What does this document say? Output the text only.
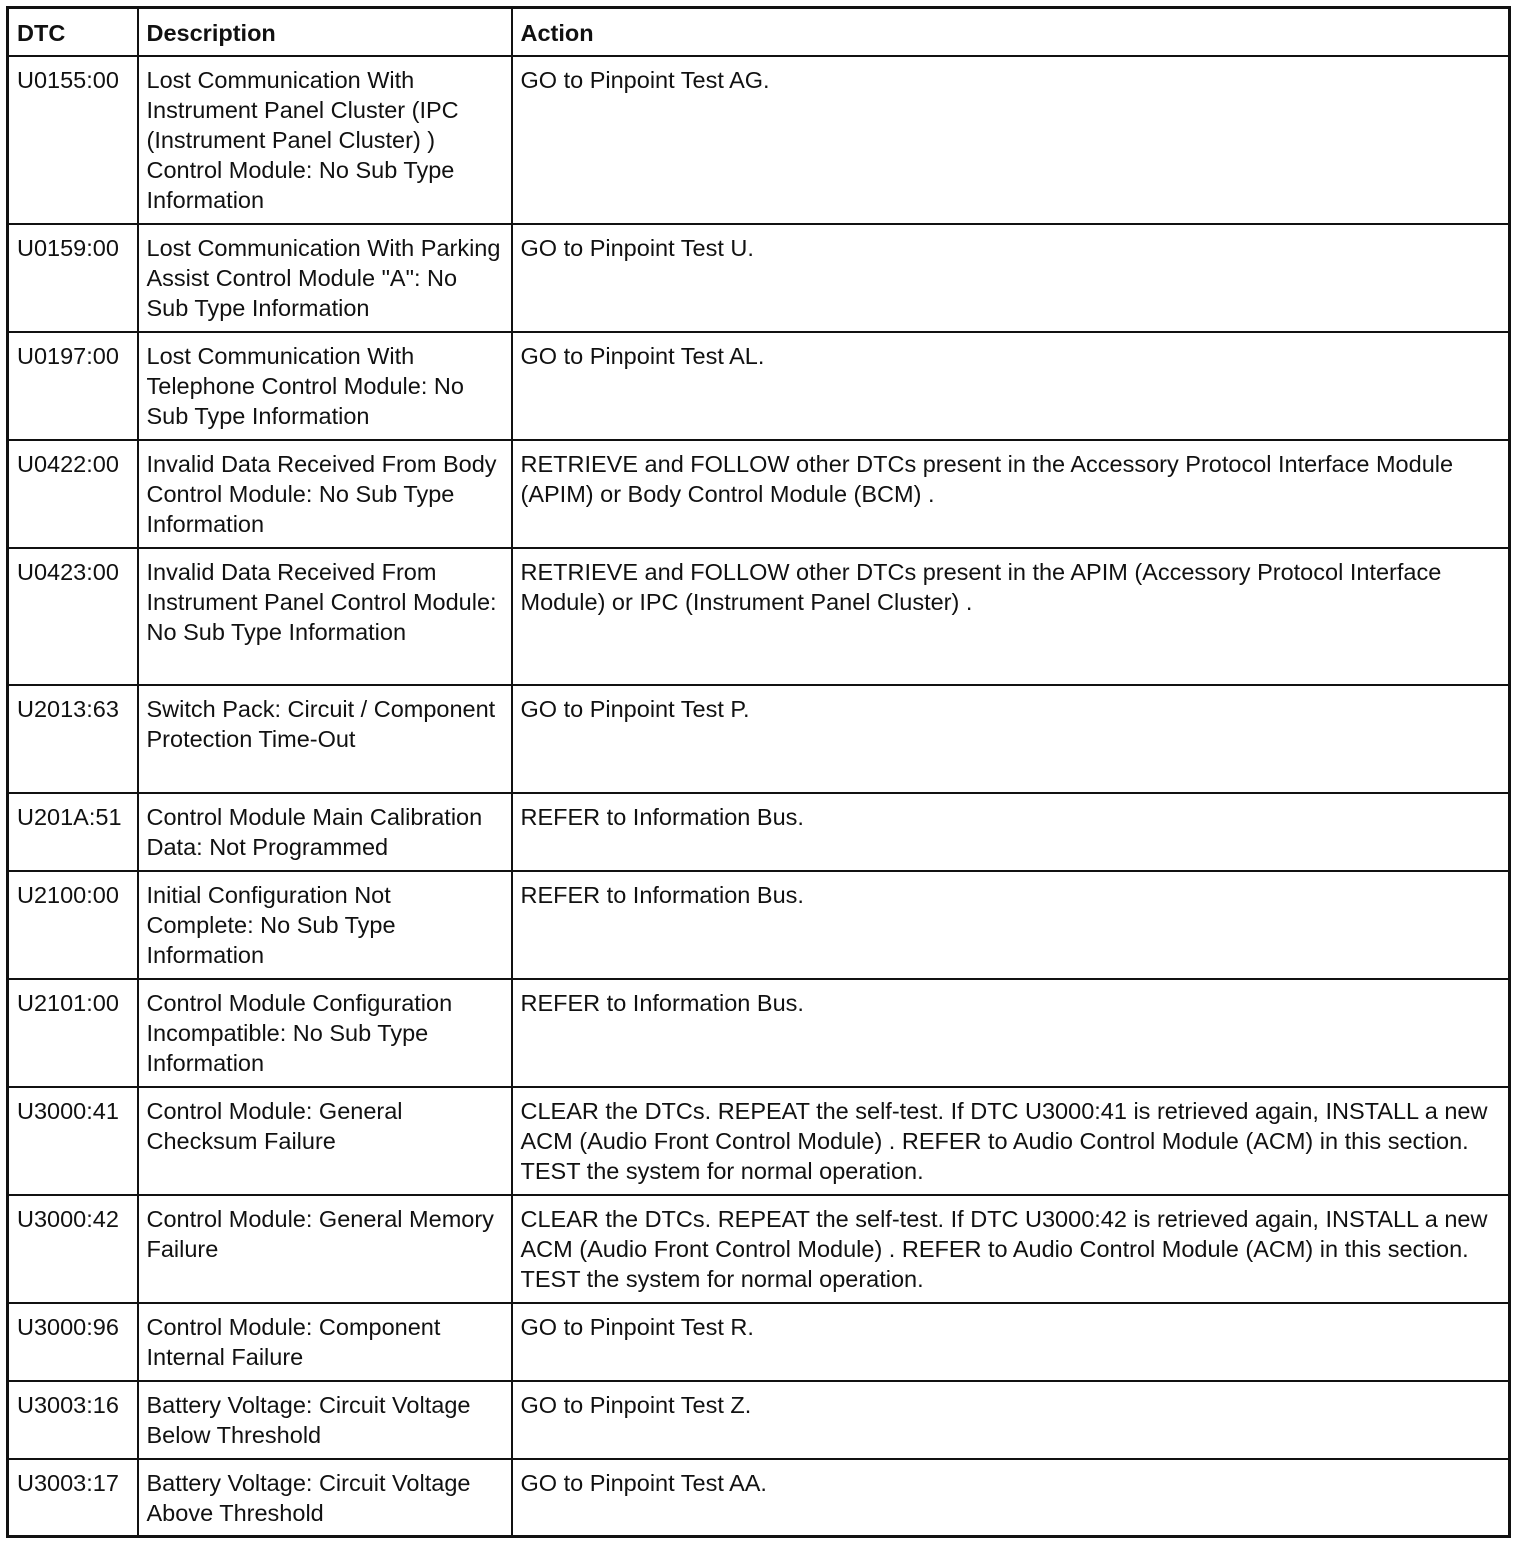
DTC	Description	Action
U0155:00	Lost Communication With Instrument Panel Cluster (IPC (Instrument Panel Cluster) ) Control Module: No Sub Type Information	GO to Pinpoint Test AG.
U0159:00	Lost Communication With Parking Assist Control Module "A": No Sub Type Information	GO to Pinpoint Test U.
U0197:00	Lost Communication With Telephone Control Module: No Sub Type Information	GO to Pinpoint Test AL.
U0422:00	Invalid Data Received From Body Control Module: No Sub Type Information	RETRIEVE and FOLLOW other DTCs present in the Accessory Protocol Interface Module (APIM) or Body Control Module (BCM) .
U0423:00	Invalid Data Received From Instrument Panel Control Module: No Sub Type Information	RETRIEVE and FOLLOW other DTCs present in the APIM (Accessory Protocol Interface Module) or IPC (Instrument Panel Cluster) .
U2013:63	Switch Pack: Circuit / Component Protection Time-Out	GO to Pinpoint Test P.
U201A:51	Control Module Main Calibration Data: Not Programmed	REFER to Information Bus.
U2100:00	Initial Configuration Not Complete: No Sub Type Information	REFER to Information Bus.
U2101:00	Control Module Configuration Incompatible: No Sub Type Information	REFER to Information Bus.
U3000:41	Control Module: General Checksum Failure	CLEAR the DTCs. REPEAT the self-test. If DTC U3000:41 is retrieved again, INSTALL a new ACM (Audio Front Control Module) . REFER to Audio Control Module (ACM) in this section. TEST the system for normal operation.
U3000:42	Control Module: General Memory Failure	CLEAR the DTCs. REPEAT the self-test. If DTC U3000:42 is retrieved again, INSTALL a new ACM (Audio Front Control Module) . REFER to Audio Control Module (ACM) in this section. TEST the system for normal operation.
U3000:96	Control Module: Component Internal Failure	GO to Pinpoint Test R.
U3003:16	Battery Voltage: Circuit Voltage Below Threshold	GO to Pinpoint Test Z.
U3003:17	Battery Voltage: Circuit Voltage Above Threshold	GO to Pinpoint Test AA.
